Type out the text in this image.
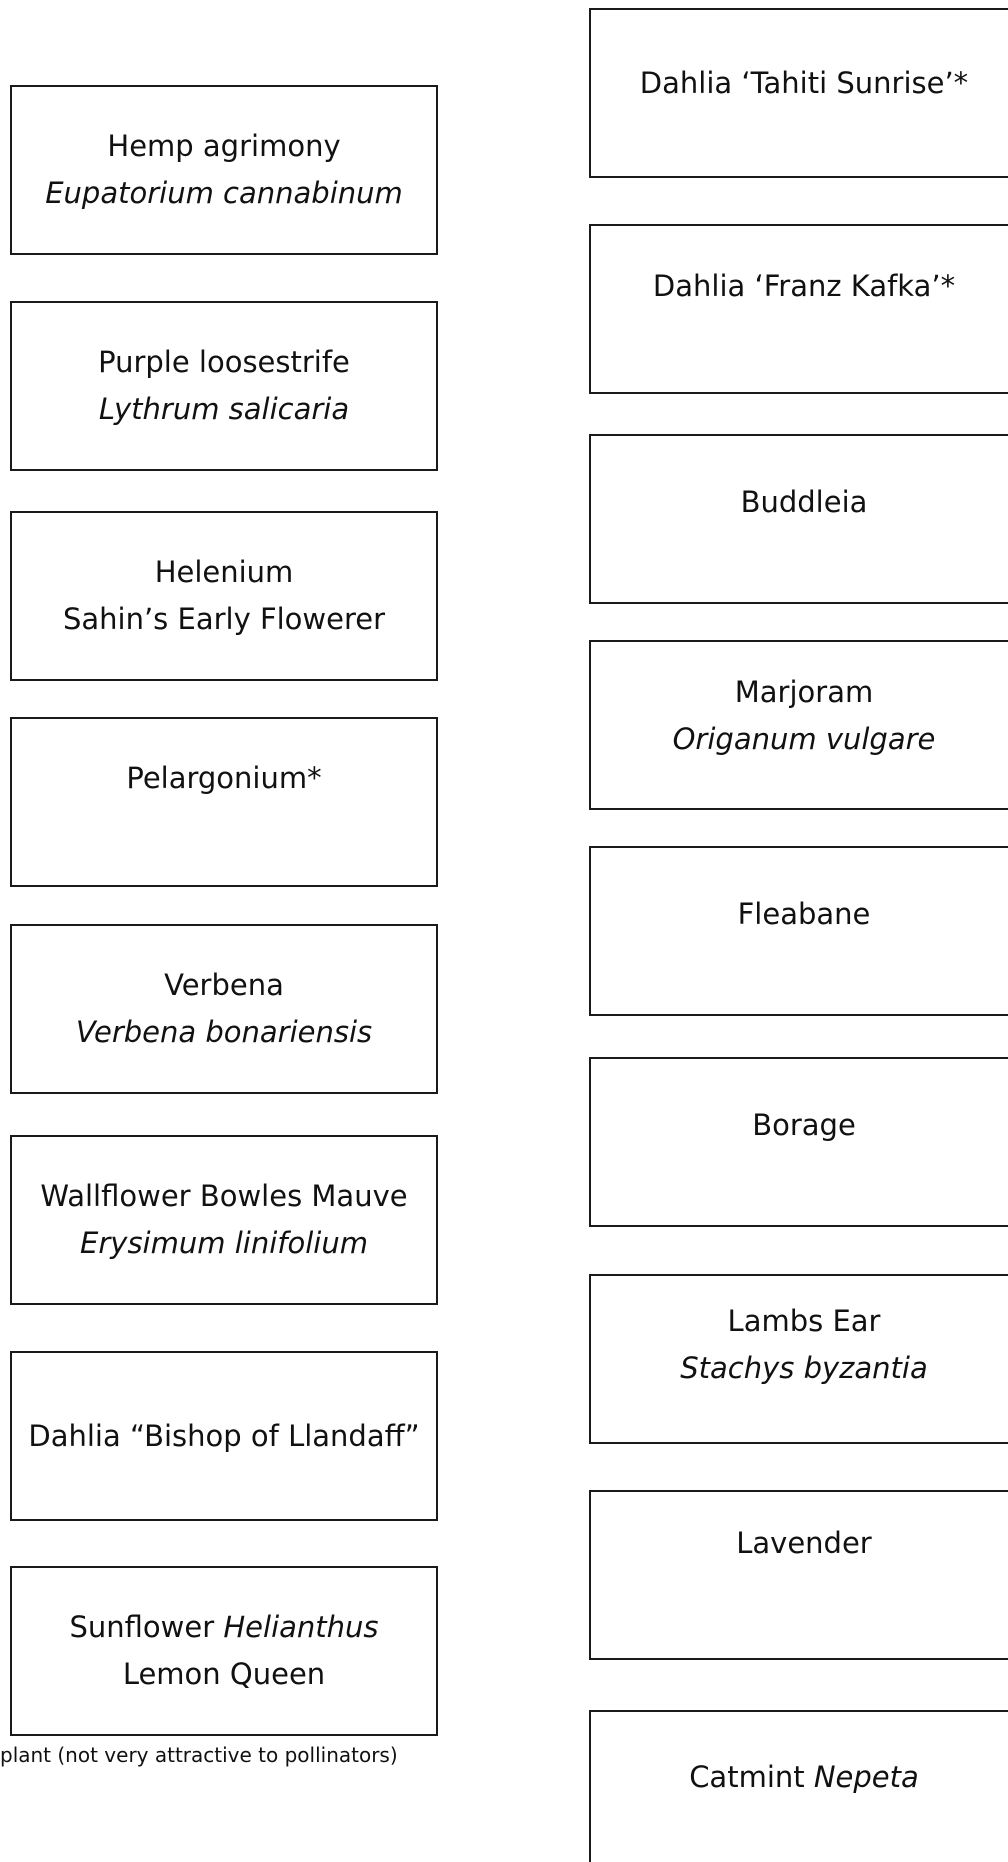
Hemp agrimony
Eupatorium cannabinum
Purple loosestrife
Lythrum salicaria
Helenium
Sahin’s Early Flowerer
Pelargonium*
Verbena
Verbena bonariensis
Wallflower Bowles Mauve
Erysimum linifolium
Dahlia “Bishop of Llandaff”
Sunflower Helianthus
Lemon Queen
Dahlia ‘Tahiti Sunrise’*
Dahlia ‘Franz Kafka’*
Buddleia
Marjoram
Origanum vulgare
Fleabane
Borage
Lambs Ear
Stachys byzantia
Lavender
Catmint Nepeta
plant (not very attractive to pollinators)
